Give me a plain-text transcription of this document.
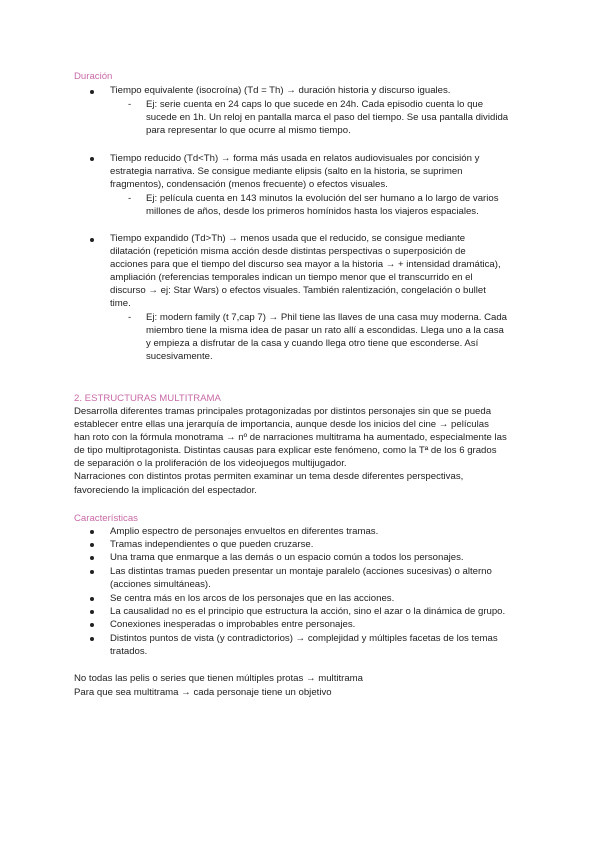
Duración
Tiempo equivalente (isocroína) (Td = Th) → duración historia y discurso iguales.
- Ej: serie cuenta en 24 caps lo que sucede en 24h. Cada episodio cuenta lo que
sucede en 1h. Un reloj en pantalla marca el paso del tiempo. Se usa pantalla dividida
para representar lo que ocurre al mismo tiempo.
Tiempo reducido (Td<Th) → forma más usada en relatos audiovisuales por concisión y
estrategia narrativa. Se consigue mediante elipsis (salto en la historia, se suprimen
fragmentos), condensación (menos frecuente) o efectos visuales.
- Ej: película cuenta en 143 minutos la evolución del ser humano a lo largo de varios
millones de años, desde los primeros homínidos hasta los viajeros espaciales.
Tiempo expandido (Td>Th) → menos usada que el reducido, se consigue mediante
dilatación (repetición misma acción desde distintas perspectivas o superposición de
acciones para que el tiempo del discurso sea mayor a la historia → + intensidad dramática),
ampliación (referencias temporales indican un tiempo menor que el transcurrido en el
discurso → ej: Star Wars) o efectos visuales. También ralentización, congelación o bullet
time.
- Ej: modern family (t 7,cap 7) → Phil tiene las llaves de una casa muy moderna. Cada
miembro tiene la misma idea de pasar un rato allí a escondidas. Llega uno a la casa
y empieza a disfrutar de la casa y cuando llega otro tiene que esconderse. Así
sucesivamente.
2. ESTRUCTURAS MULTITRAMA
Desarrolla diferentes tramas principales protagonizadas por distintos personajes sin que se pueda
establecer entre ellas una jerarquía de importancia, aunque desde los inicios del cine → películas
han roto con la fórmula monotrama → nº de narraciones multitrama ha aumentado, especialmente las
de tipo multiprotagonista. Distintas causas para explicar este fenómeno, como la Tª de los 6 grados
de separación o la proliferación de los videojuegos multijugador.
Narraciones con distintos protas permiten examinar un tema desde diferentes perspectivas,
favoreciendo la implicación del espectador.
Características
Amplio espectro de personajes envueltos en diferentes tramas.
Tramas independientes o que pueden cruzarse.
Una trama que enmarque a las demás o un espacio común a todos los personajes.
Las distintas tramas pueden presentar un montaje paralelo (acciones sucesivas) o alterno
(acciones simultáneas).
Se centra más en los arcos de los personajes que en las acciones.
La causalidad no es el principio que estructura la acción, sino el azar o la dinámica de grupo.
Conexiones inesperadas o improbables entre personajes.
Distintos puntos de vista (y contradictorios) → complejidad y múltiples facetas de los temas
tratados.
No todas las pelis o series que tienen múltiples protas → multitrama
Para que sea multitrama → cada personaje tiene un objetivo
